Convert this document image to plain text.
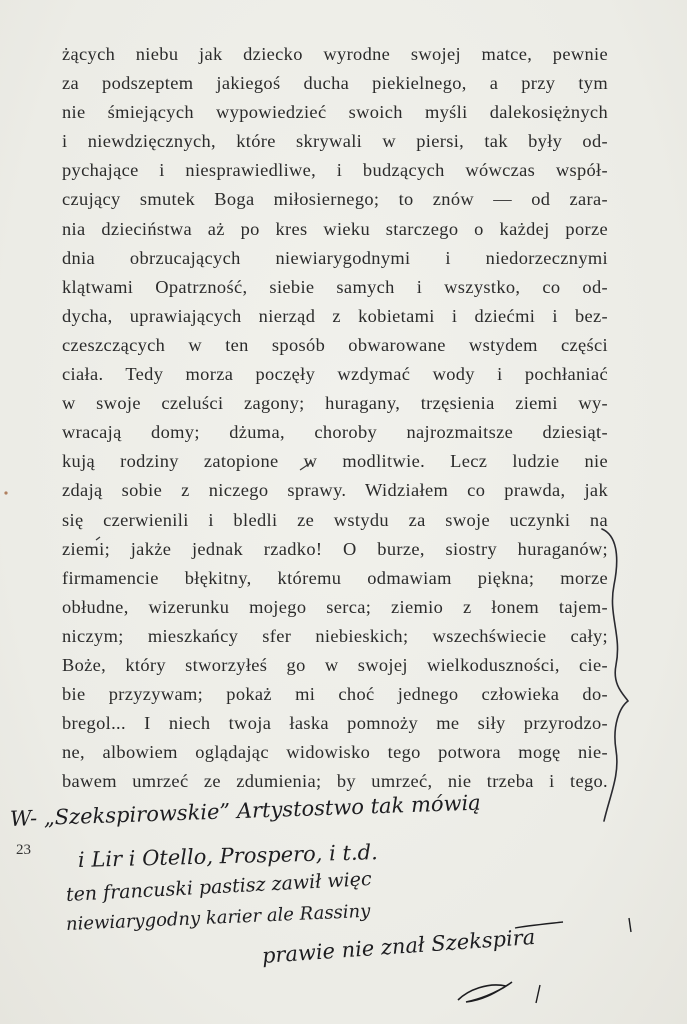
żących niebu jak dziecko wyrodne swojej matce, pewnie
za podszeptem jakiegoś ducha piekielnego, a przy tym
nie śmiejących wypowiedzieć swoich myśli dalekosiężnych
i niewdzięcznych, które skrywali w piersi, tak były od-
pychające i niesprawiedliwe, i budzących wówczas współ-
czujący smutek Boga miłosiernego; to znów — od zara-
nia dzieciństwa aż po kres wieku starczego o każdej porze
dnia obrzucających niewiarygodnymi i niedorzecznymi
klątwami Opatrzność, siebie samych i wszystko, co od-
dycha, uprawiających nierząd z kobietami i dziećmi i bez-
czeszczących w ten sposób obwarowane wstydem części
ciała. Tedy morza poczęły wzdymać wody i pochłaniać
w swoje czeluści zagony; huragany, trzęsienia ziemi wy-
wracają domy; dżuma, choroby najrozmaitsze dziesiąt-
kują rodziny zatopione w modlitwie. Lecz ludzie nie
zdają sobie z niczego sprawy. Widziałem co prawda, jak
się czerwienili i bledli ze wstydu za swoje uczynki na
ziemi; jakże jednak rzadko! O burze, siostry huraganów;
firmamencie błękitny, któremu odmawiam piękna; morze
obłudne, wizerunku mojego serca; ziemio z łonem tajem-
niczym; mieszkańcy sfer niebieskich; wszechświecie cały;
Boże, który stworzyłeś go w swojej wielkoduszności, cie-
bie przyzywam; pokaż mi choć jednego człowieka do-
bregol... I niech twoja łaska pomnoży me siły przyrodzo-
ne, albowiem oglądając widowisko tego potwora mogę nie-
bawem umrzeć ze zdumienia; by umrzeć, nie trzeba i tego.
23
W- „Szekspirowskie” Artystostwo tak mówią
i Lir i Otello, Prospero, i t.d.
ten francuski pastisz zawił więc
niewiarygodny karier ale Rassiny
prawie nie znał Szekspira
